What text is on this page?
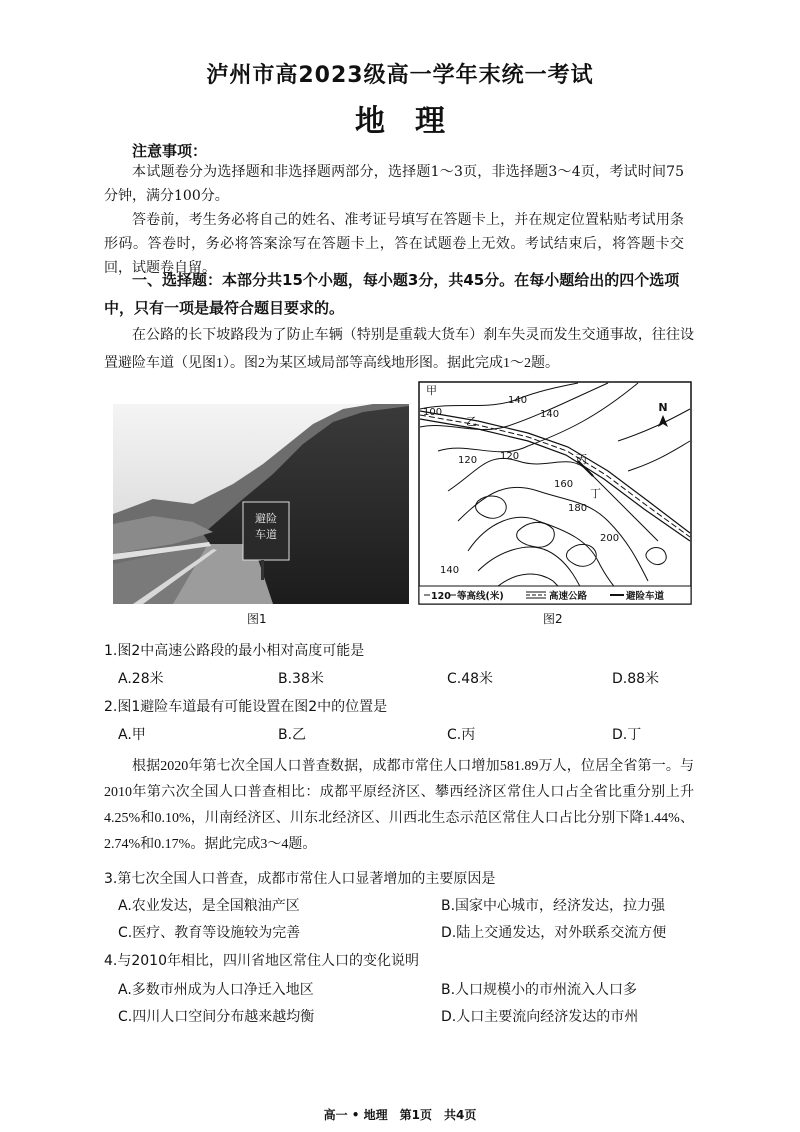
泸州市高2023级高一学年末统一考试
地理
注意事项：
本试题卷分为选择题和非选择题两部分，选择题1～3页，非选择题3～4页，考试时间75分钟，满分100分。
答卷前，考生务必将自己的姓名、准考证号填写在答题卡上，并在规定位置粘贴考试用条形码。答卷时，务必将答案涂写在答题卡上，答在试题卷上无效。考试结束后，将答题卡交回，试题卷自留。
一、选择题：本部分共15个小题，每小题3分，共45分。在每小题给出的四个选项中，只有一项是最符合题目要求的。
在公路的长下坡路段为了防止车辆（特别是重载大货车）刹车失灵而发生交通事故，往往设置避险车道（见图1）。图2为某区域局部等高线地形图。据此完成1～2题。
避险
车道
图1
N
100
140
140
120 120
160
180
200
140
甲
乙
丙
丁
120 等高线(米)	高速公路	避险车道
图2
1.图2中高速公路段的最小相对高度可能是
A.28米	B.38米	C.48米	D.88米
2.图1避险车道最有可能设置在图2中的位置是
A.甲	B.乙	C.丙	D.丁
根据2020年第七次全国人口普查数据，成都市常住人口增加581.89万人，位居全省第一。与2010年第六次全国人口普查相比：成都平原经济区、攀西经济区常住人口占全省比重分别上升4.25%和0.10%，川南经济区、川东北经济区、川西北生态示范区常住人口占比分别下降1.44%、2.74%和0.17%。据此完成3～4题。
3.第七次全国人口普查，成都市常住人口显著增加的主要原因是
A.农业发达，是全国粮油产区	B.国家中心城市，经济发达，拉力强
C.医疗、教育等设施较为完善	D.陆上交通发达，对外联系交流方便
4.与2010年相比，四川省地区常住人口的变化说明
A.多数市州成为人口净迁入地区	B.人口规模小的市州流入人口多
C.四川人口空间分布越来越均衡	D.人口主要流向经济发达的市州
高一 • 地理　第1页　共4页
